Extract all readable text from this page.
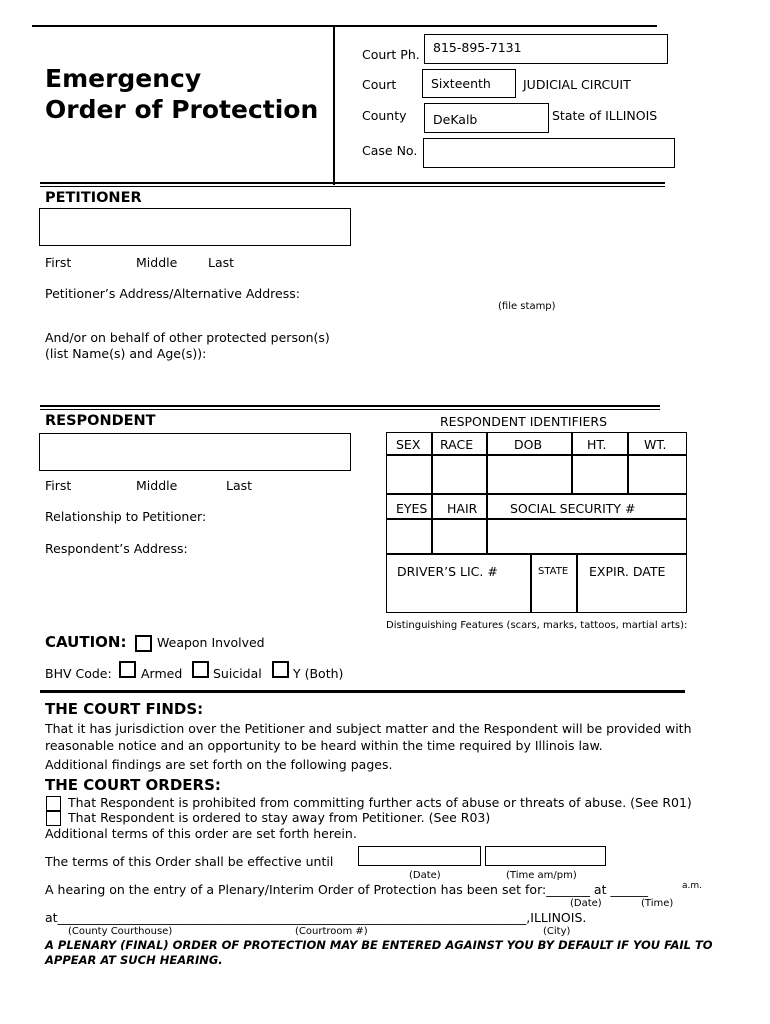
Emergency
Order of Protection
Court Ph. 815-895-7131
Court	Sixteenth	JUDICIAL CIRCUIT
County DeKalb	State of ILLINOIS
Case No.
PETITIONER
First	Middle Last
Petitioner’s Address/Alternative Address:
(file stamp)
And/or on behalf of other protected person(s)
(list Name(s) and Age(s)):
RESPONDENT
First	Middle	Last
Relationship to Petitioner:
Respondent’s Address:
RESPONDENT IDENTIFIERS
SEX RACE	DOB	HT.	WT.
EYES HAIR	SOCIAL SECURITY #
DRIVER’S LIC. #	STATE EXPIR. DATE
Distinguishing Features (scars, marks, tattoos, martial arts):
CAUTION: Weapon Involved
BHV Code: Armed Suicidal	Y (Both)
THE COURT FINDS:
That it has jurisdiction over the Petitioner and subject matter and the Respondent will be provided with
reasonable notice and an opportunity to be heard within the time required by Illinois law.
Additional findings are set forth on the following pages.
THE COURT ORDERS:
That Respondent is prohibited from committing further acts of abuse or threats of abuse. (See R01)
That Respondent is ordered to stay away from Petitioner. (See R03)
Additional terms of this order are set forth herein.
The terms of this Order shall be effective until
(Date)	(Time am/pm)
A hearing on the entry of a Plenary/Interim Order of Protection has been set for:_______ at ______	a.m.
(Date)	(Time)
at___________________________________________________________________________,ILLINOIS.
(County Courthouse)	(Courtroom #)	(City)
A PLENARY (FINAL) ORDER OF PROTECTION MAY BE ENTERED AGAINST YOU BY DEFAULT IF YOU FAIL TO
APPEAR AT SUCH HEARING.
